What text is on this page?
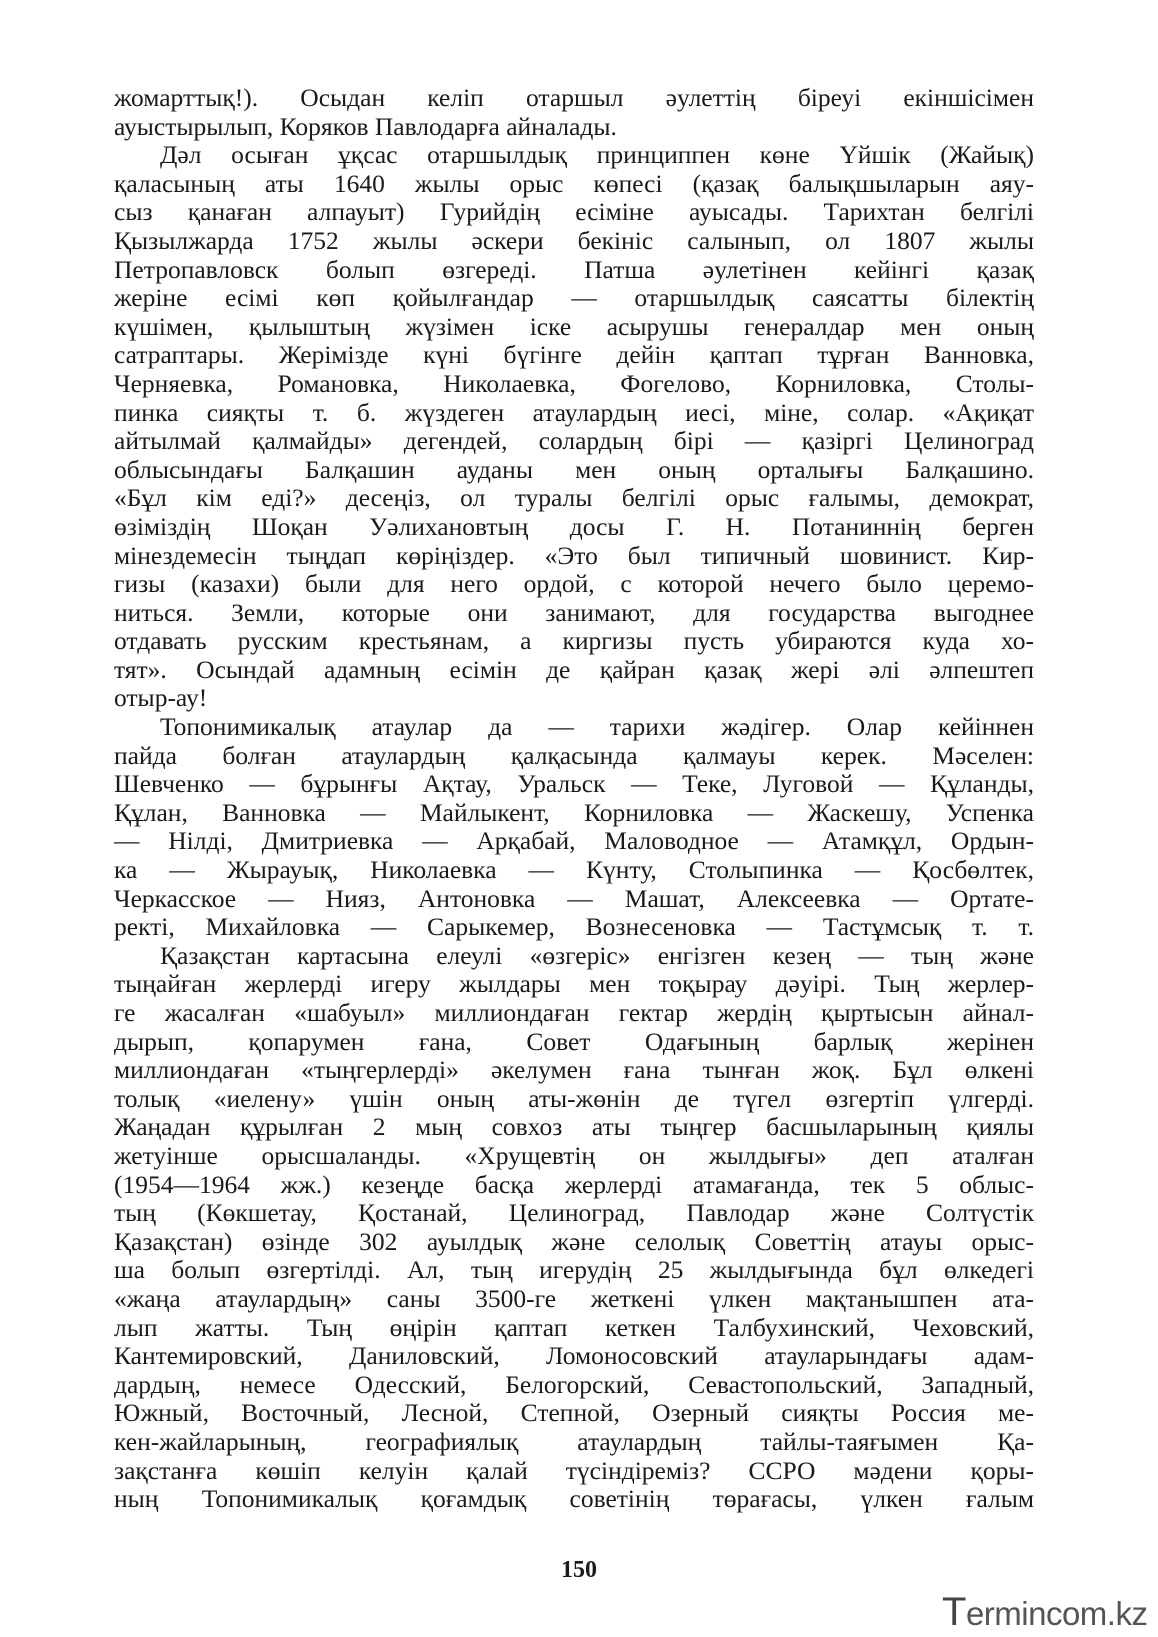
жомарттық!). Осыдан келіп отаршыл әулеттің біреуі екіншісімен
ауыстырылып, Коряков Павлодарға айналады.
Дәл осыған ұқсас отаршылдық принциппен көне Үйшік (Жайық)
қаласының аты 1640 жылы орыс көпесі (қазақ балықшыларын аяу-
сыз қанаған алпауыт) Гурийдің есіміне ауысады. Тарихтан белгілі
Қызылжарда 1752 жылы әскери бекініс салынып, ол 1807 жылы
Петропавловск болып өзгереді. Патша әулетінен кейінгі қазақ
жеріне есімі көп қойылғандар — отаршылдық саясатты білектің
күшімен, қылыштың жүзімен іске асырушы генералдар мен оның
сатраптары. Жерімізде күні бүгінге дейін қаптап тұрған Ванновка,
Черняевка, Романовка, Николаевка, Фогелово, Корниловка, Столы-
пинка сияқты т. б. жүздеген атаулардың иесі, міне, солар. «Ақиқат
айтылмай қалмайды» дегендей, солардың бірі — қазіргі Целиноград
облысындағы Балқашин ауданы мен оның орталығы Балқашино.
«Бұл кім еді?» десеңіз, ол туралы белгілі орыс ғалымы, демократ,
өзіміздің Шоқан Уәлихановтың досы Г. Н. Потаниннің берген
мінездемесін тыңдап көріңіздер. «Это был типичный шовинист. Кир-
гизы (казахи) были для него ордой, с которой нечего было церемо-
ниться. Земли, которые они занимают, для государства выгоднее
отдавать русским крестьянам, а киргизы пусть убираются куда хо-
тят». Осындай адамның есімін де қайран қазақ жері әлі әлпештеп
отыр-ау!
Топонимикалық атаулар да — тарихи жәдігер. Олар кейіннен
пайда болған атаулардың қалқасында қалмауы керек. Мәселен:
Шевченко — бұрынғы Ақтау, Уральск — Теке, Луговой — Құланды,
Құлан, Ванновка — Майлыкент, Корниловка — Жаскешу, Успенка
— Нілді, Дмитриевка — Арқабай, Маловодное — Атамқұл, Ордын-
ка — Жырауық, Николаевка — Күнту, Столыпинка — Қосбөлтек,
Черкасское — Нияз, Антоновка — Машат, Алексеевка — Ортате-
ректі, Михайловка — Сарыкемер, Вознесеновка — Тастұмсық т. т.
Қазақстан картасына елеулі «өзгеріс» енгізген кезең — тың және
тыңайған жерлерді игеру жылдары мен тоқырау дәуірі. Тың жерлер-
ге жасалған «шабуыл» миллиондаған гектар жердің қыртысын айнал-
дырып, қопарумен ғана, Совет Одағының барлық жерінен
миллиондаған «тыңгерлерді» әкелумен ғана тынған жоқ. Бұл өлкені
толық «иелену» үшін оның аты-жөнін де түгел өзгертіп үлгерді.
Жаңадан құрылған 2 мың совхоз аты тыңгер басшыларының қиялы
жетуінше орысшаланды. «Хрущевтің он жылдығы» деп аталған
(1954—1964 жж.) кезеңде басқа жерлерді атамағанда, тек 5 облыс-
тың (Көкшетау, Қостанай, Целиноград, Павлодар және Солтүстік
Қазақстан) өзінде 302 ауылдық және селолық Советтің атауы орыс-
ша болып өзгертілді. Ал, тың игерудің 25 жылдығында бұл өлкедегі
«жаңа атаулардың» саны 3500-ге жеткені үлкен мақтанышпен ата-
лып жатты. Тың өңірін қаптап кеткен Талбухинский, Чеховский,
Кантемировский, Даниловский, Ломоносовский атауларындағы адам-
дардың, немесе Одесский, Белогорский, Севастопольский, Западный,
Южный, Восточный, Лесной, Степной, Озерный сияқты Россия ме-
кен-жайларының, географиялық атаулардың тайлы-таяғымен Қа-
зақстанға көшіп келуін қалай түсіндіреміз? ССРО мәдени қоры-
ның Топонимикалық қоғамдық советінің төрағасы, үлкен ғалым
150
Termincom.kz
